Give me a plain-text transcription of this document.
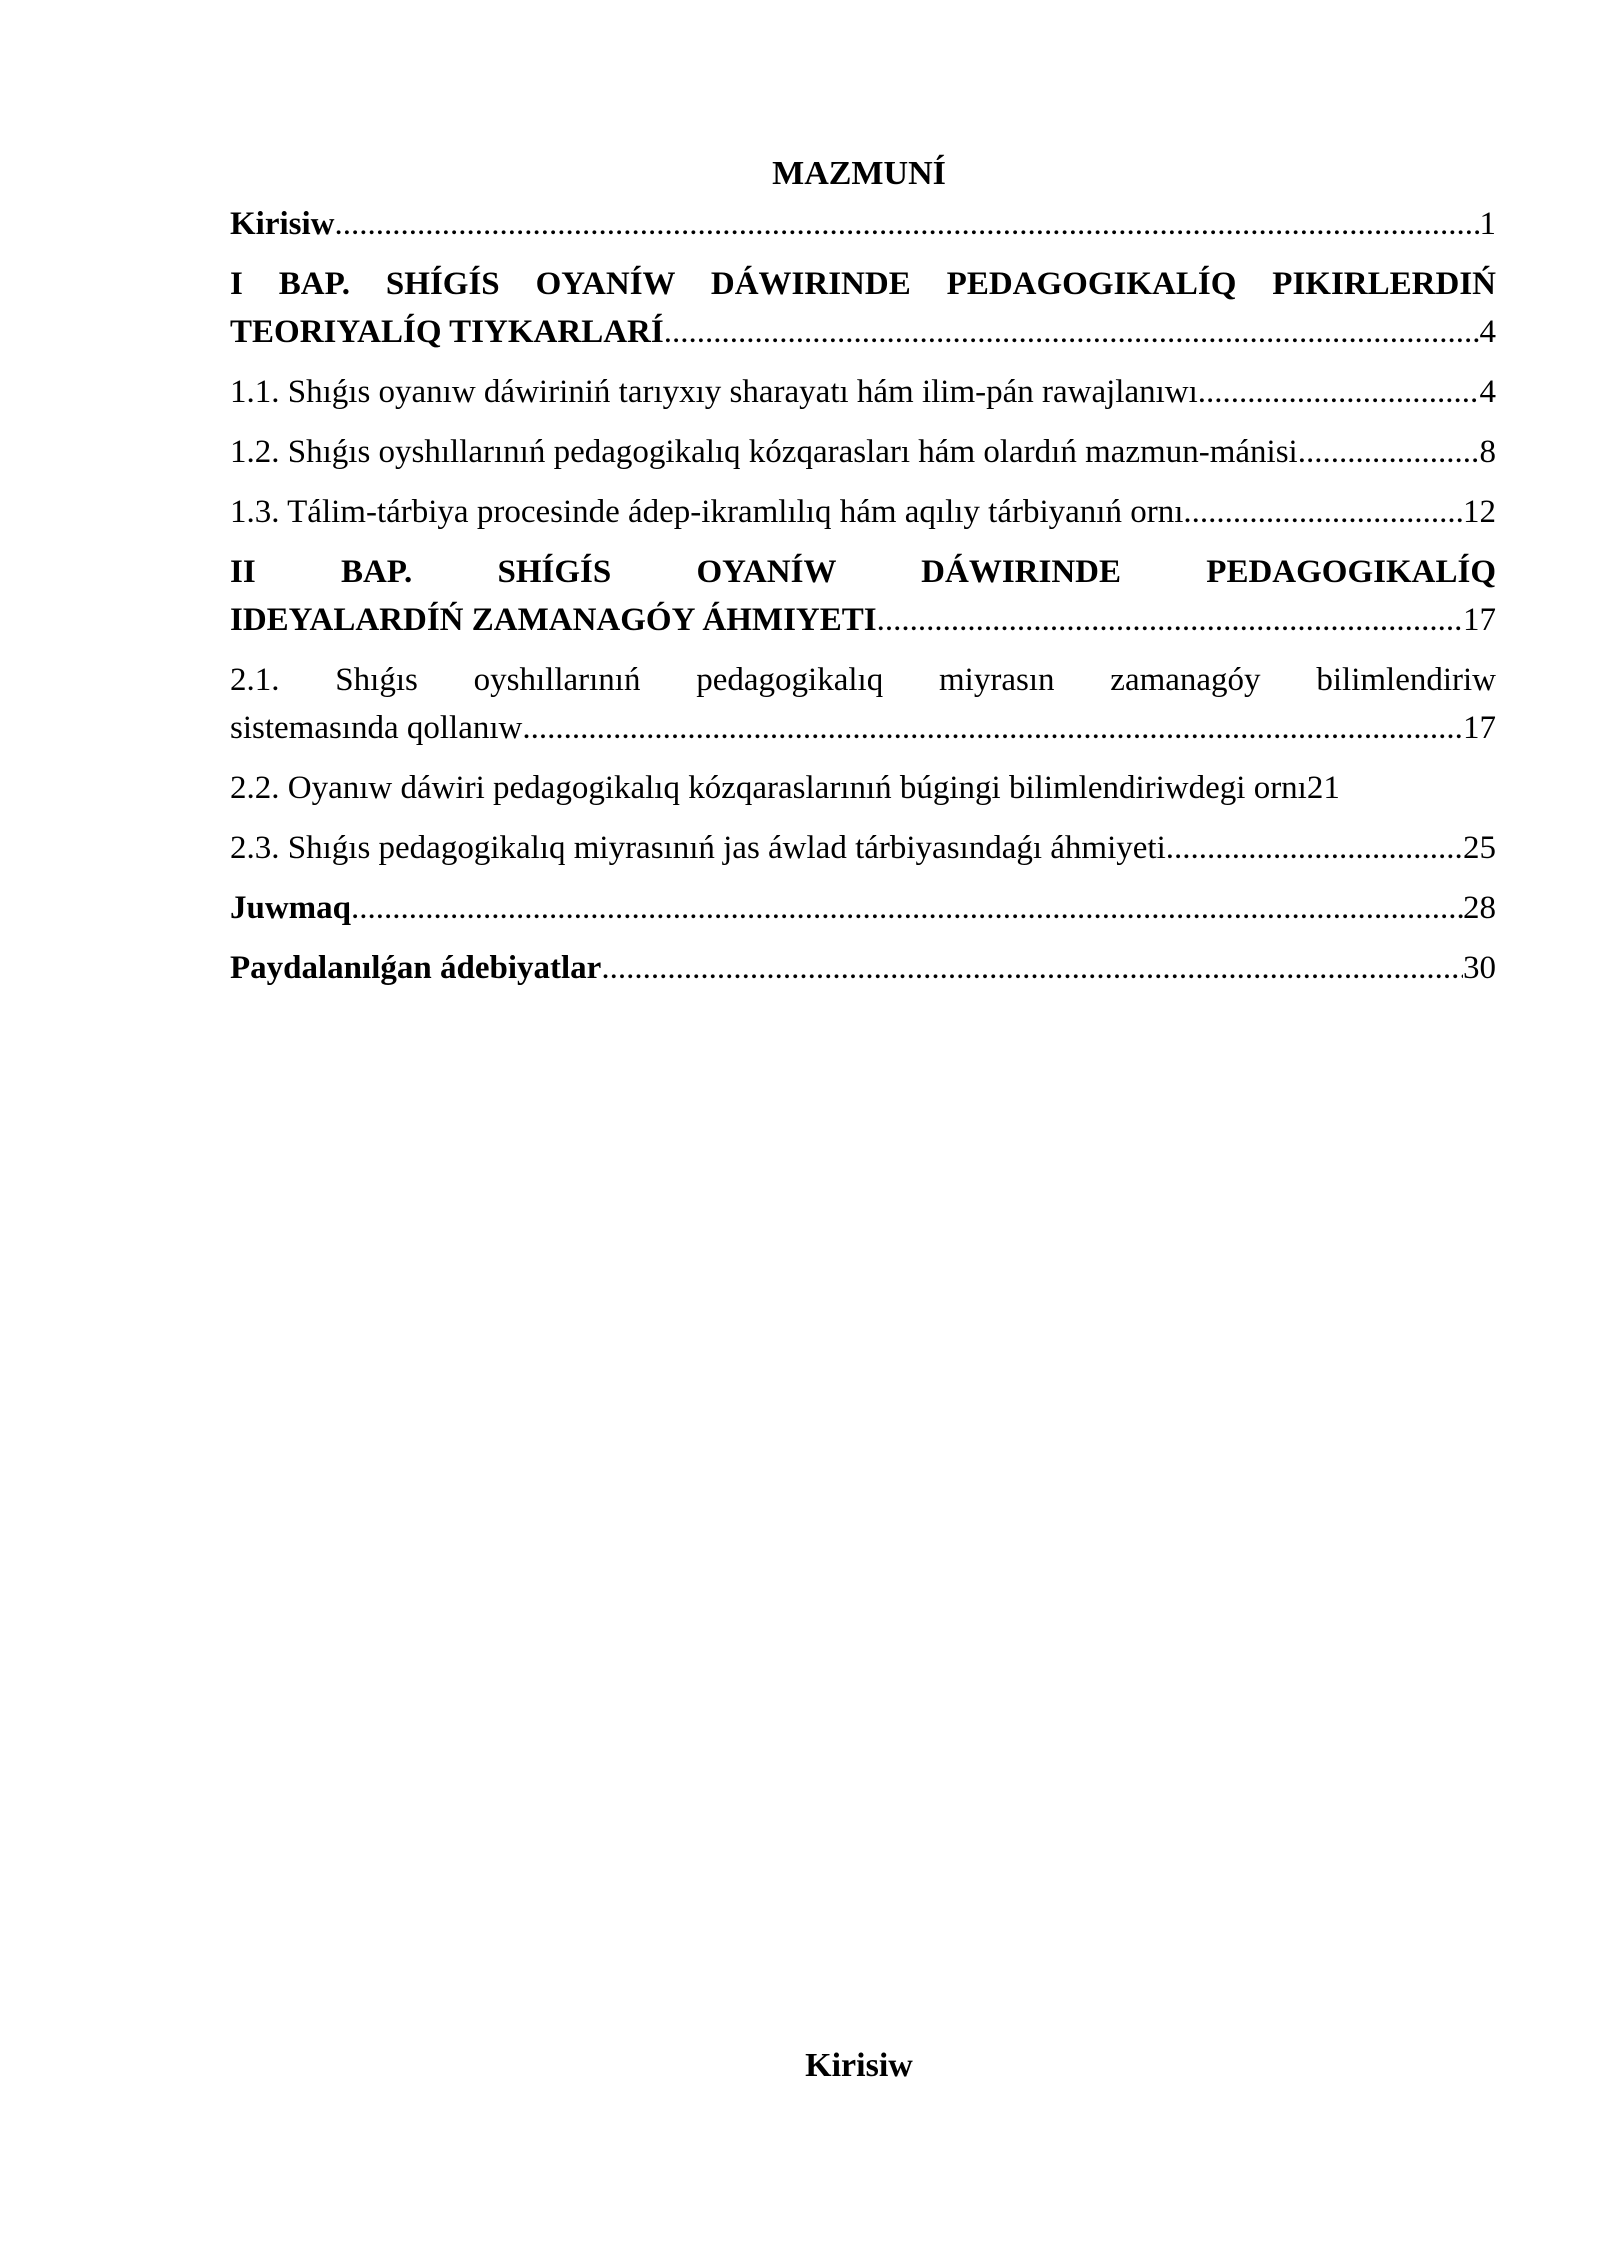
MAZMUNÍ
Kirisiw .....	1
I BAP. SHÍGÍS OYANÍW DÁWIRINDE PEDAGOGIKALÍQ PIKIRLERDIŃ
TEORIYALÍQ TIYKARLARÍ .....	4
1.1. Shıǵıs oyanıw dáwiriniń tarıyxıy sharayatı hám ilim-pán rawajlanıwı .....	4
1.2. Shıǵıs oyshıllarınıń pedagogikalıq kózqarasları hám olardıń mazmun-mánisi. .....	8
1.3. Tálim-tárbiya procesinde ádep-ikramlılıq hám aqılıy tárbiyanıń ornı .....	12
II BAP. SHÍGÍS OYANÍW DÁWIRINDE PEDAGOGIKALÍQ
IDEYALARDÍŃ ZAMANAGÓY ÁHMIYETI .....	17
2.1. Shıǵıs oyshıllarınıń pedagogikalıq miyrasın zamanagóy bilimlendiriw
sistemasında qollanıw .....	17
2.2. Oyanıw dáwiri pedagogikalıq kózqaraslarınıń búgingi bilimlendiriwdegi ornı 21
2.3. Shıǵıs pedagogikalıq miyrasınıń jas áwlad tárbiyasındaǵı áhmiyeti. .....	25
Juwmaq .....	28
Paydalanılǵan ádebiyatlar .....	30
Kirisiw
